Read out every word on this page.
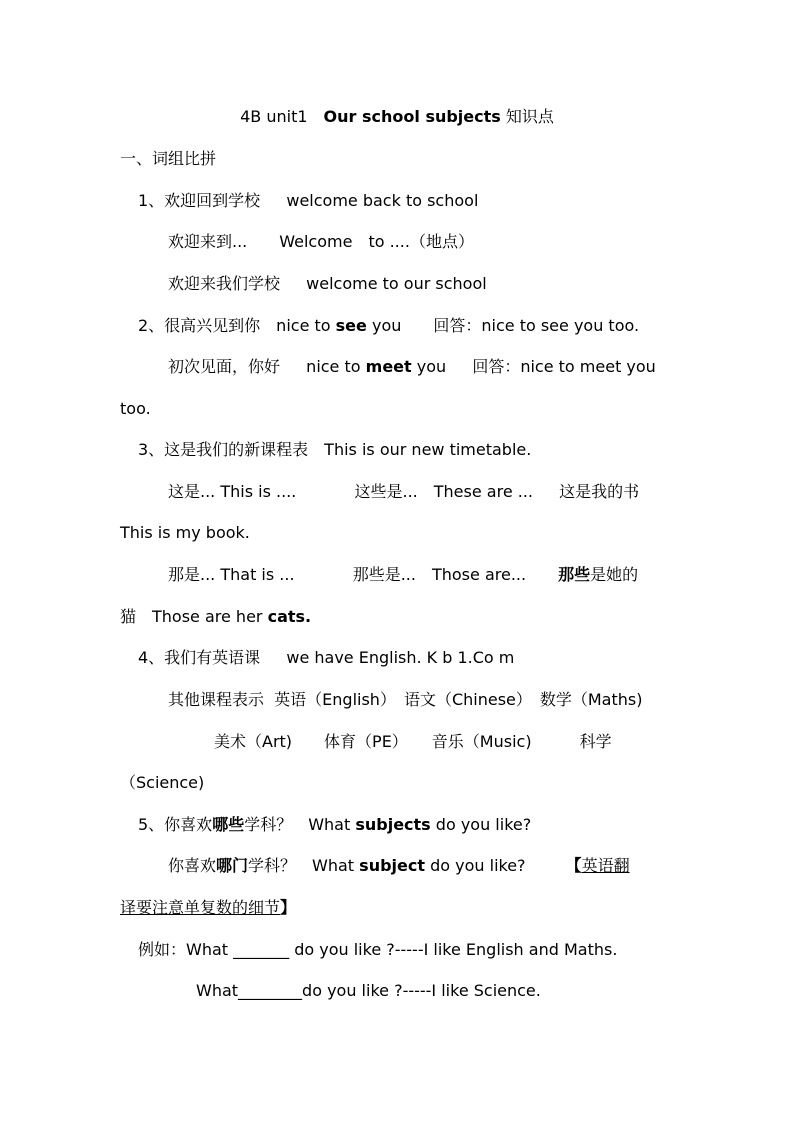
4B unit1　Our school subjects 知识点
一、词组比拼
1、欢迎回到学校　  welcome back to school
欢迎来到...　　Welcome　to ....（地点）
欢迎来我们学校　  welcome to our school
2、很高兴见到你　nice to see you　　回答：nice to see you too.
初次见面，你好　  nice to meet you　  回答：nice to meet you
too.
3、这是我们的新课程表　This is our new timetable.
这是... This is ....　　　  这些是...　These are ...　  这是我的书
This is my book.
那是... That is ...　　　  那些是...　Those are...　　那些是她的
猫　Those are her cats.
4、我们有英语课　  we have English. K b 1.Co m
其他课程表示  英语（English）　语文（Chinese）　数学（Maths)
美术（Art)　　体育（PE）　　音乐（Music)　　　科学
（Science)
5、你喜欢哪些学科？　What subjects do you like?
你喜欢哪门学科？　What subject do you like?　　　【英语翻
译要注意单复数的细节】
例如：What _______ do you like ?-----I like English and Maths.
What________do you like ?-----I like Science.
